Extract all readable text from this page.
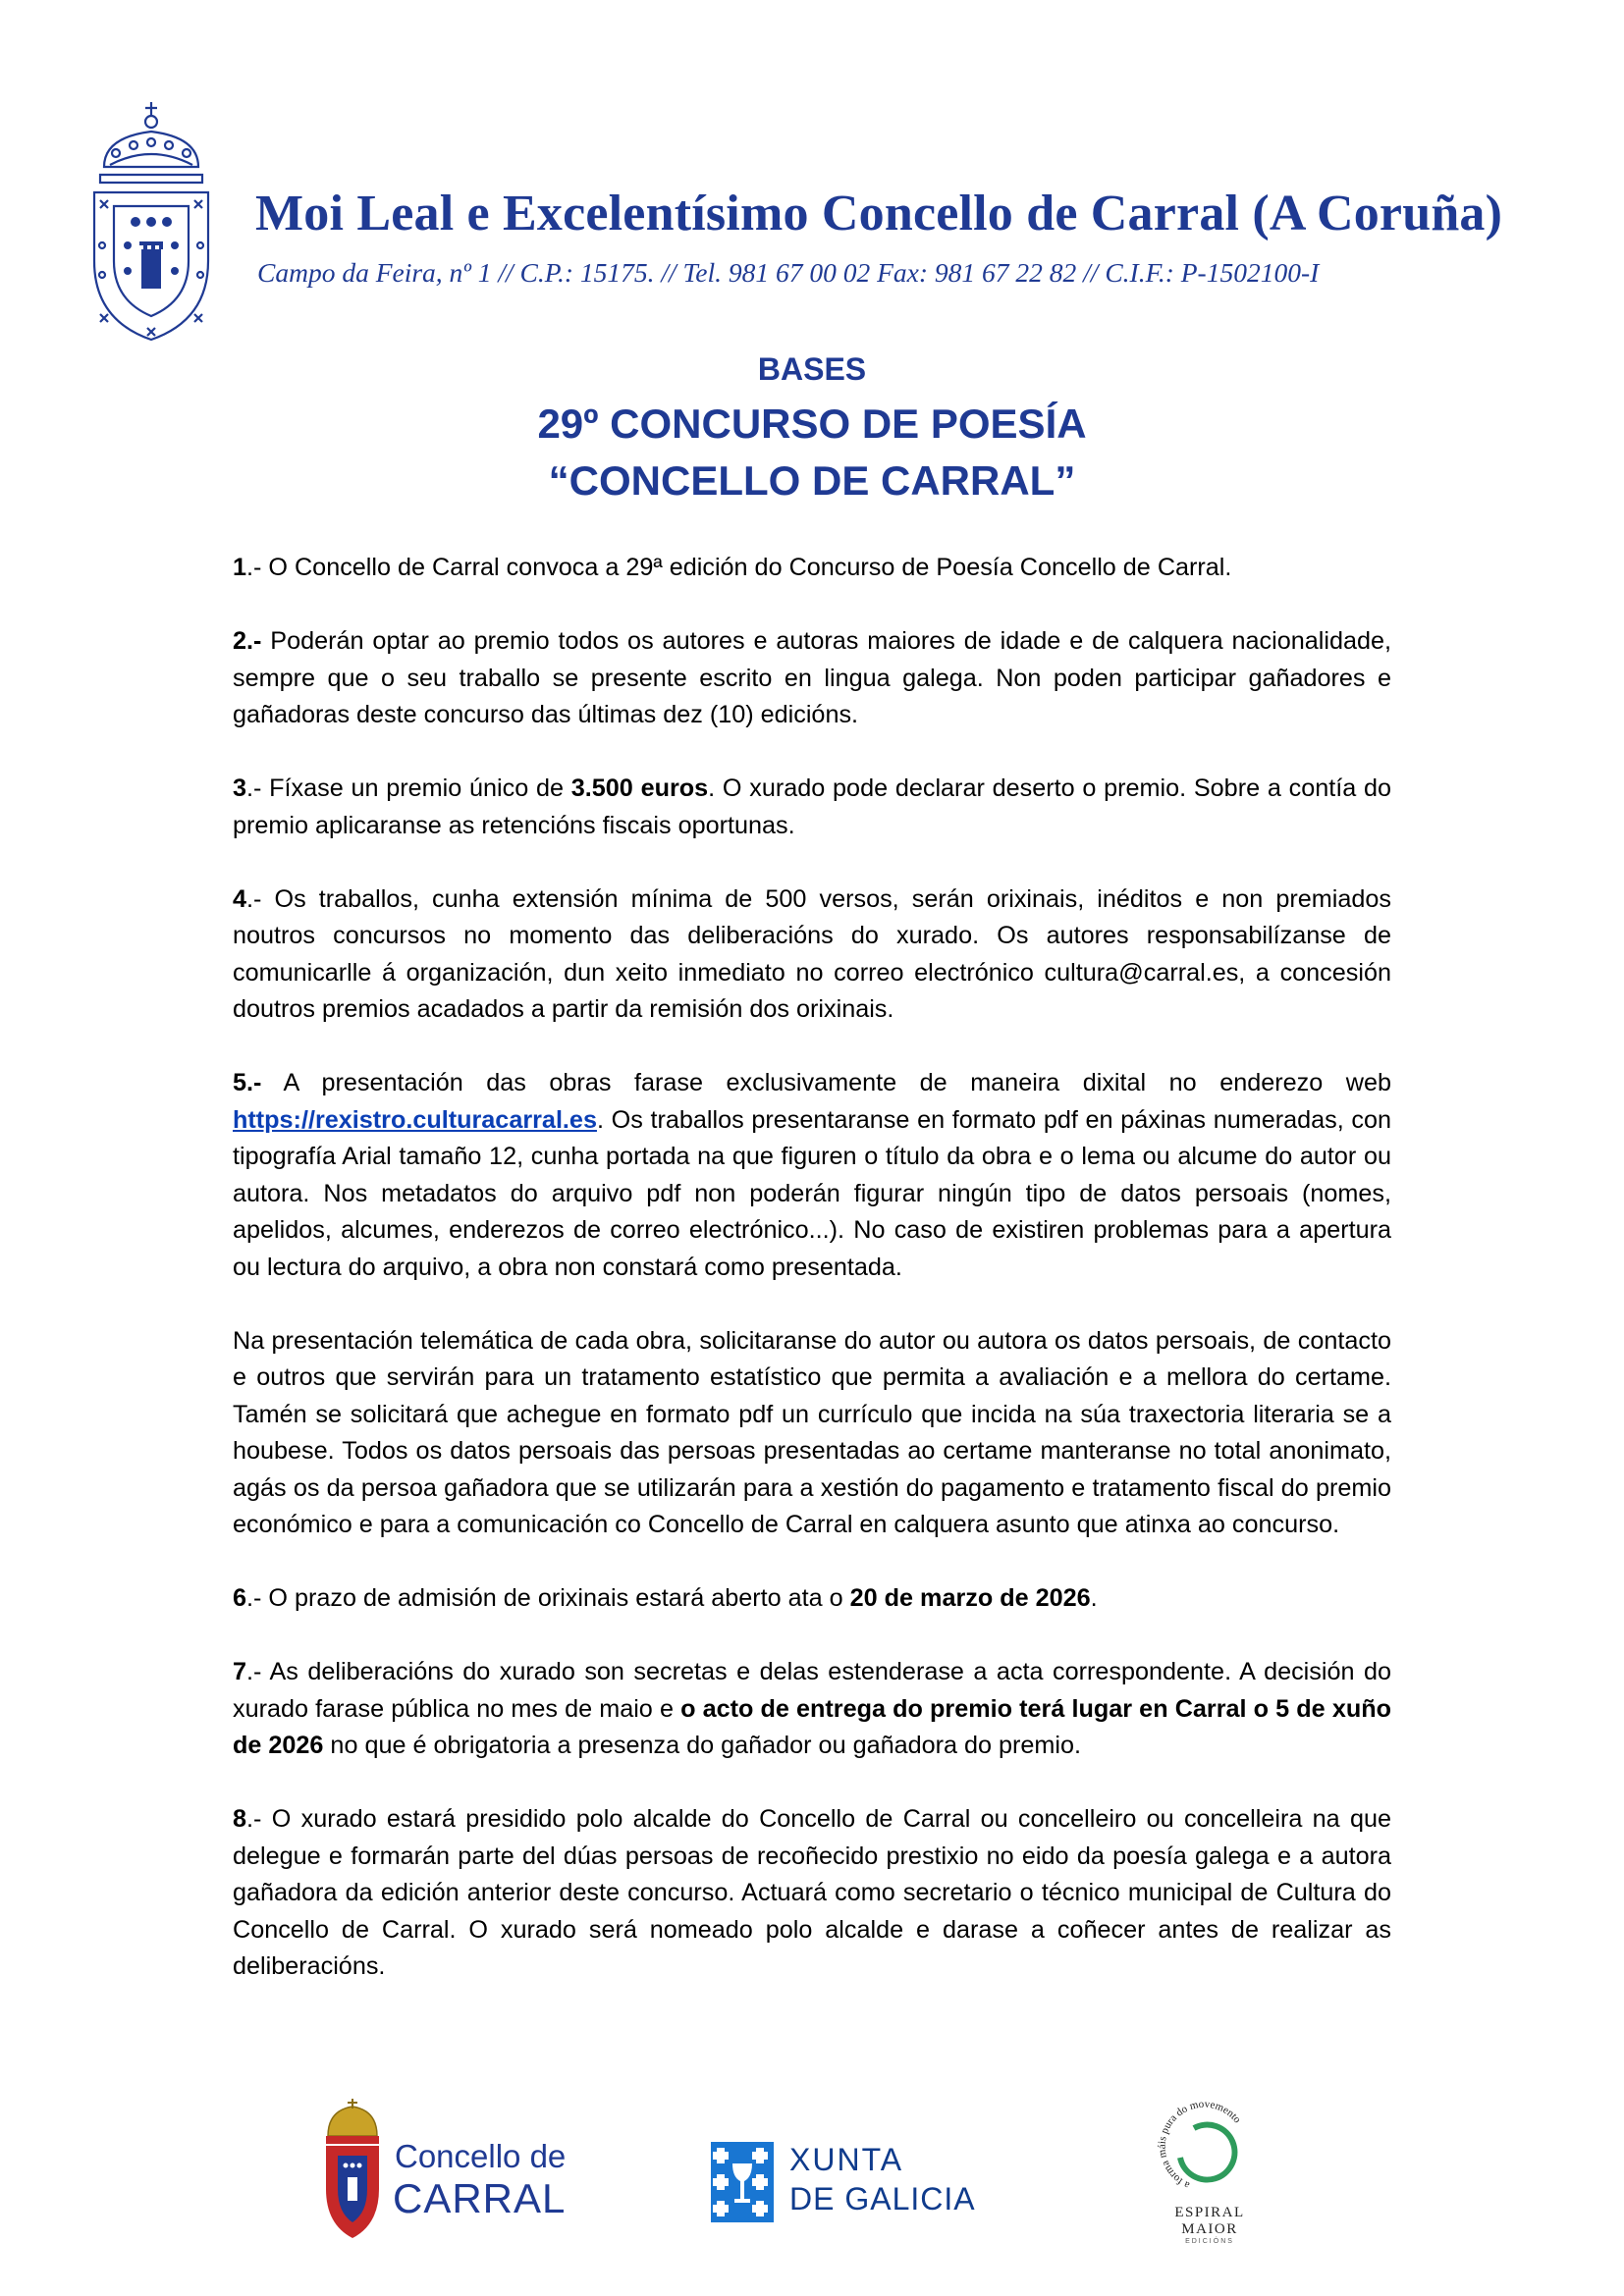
Moi Leal e Excelentísimo Concello de Carral (A Coruña)
Campo da Feira, nº 1 // C.P.: 15175. // Tel. 981 67 00 02 Fax: 981 67 22 82 // C.I.F.: P-1502100-I
BASES
29º CONCURSO DE POESÍA
“CONCELLO DE CARRAL”

1.- O Concello de Carral convoca a 29ª edición do Concurso de Poesía Concello de Carral.

2.- Poderán optar ao premio todos os autores e autoras maiores de idade e de calquera nacionalidade, sempre que o seu traballo se presente escrito en lingua galega. Non poden participar gañadores e gañadoras deste concurso das últimas dez (10) edicións.

3.- Fíxase un premio único de 3.500 euros. O xurado pode declarar deserto o premio. Sobre a contía do premio aplicaranse as retencións fiscais oportunas.

4.- Os traballos, cunha extensión mínima de 500 versos, serán orixinais, inéditos e non premiados noutros concursos no momento das deliberacións do xurado. Os autores responsabilízanse de comunicarlle á organización, dun xeito inmediato no correo electrónico cultura@carral.es, a concesión doutros premios acadados a partir da remisión dos orixinais.

5.- A presentación das obras farase exclusivamente de maneira dixital no enderezo web https://rexistro.culturacarral.es. Os traballos presentaranse en formato pdf en páxinas numeradas, con tipografía Arial tamaño 12, cunha portada na que figuren o título da obra e o lema ou alcume do autor ou autora. Nos metadatos do arquivo pdf non poderán figurar ningún tipo de datos persoais (nomes, apelidos, alcumes, enderezos de correo electrónico...). No caso de existiren problemas para a apertura ou lectura do arquivo, a obra non constará como presentada.

Na presentación telemática de cada obra, solicitaranse do autor ou autora os datos persoais, de contacto e outros que servirán para un tratamento estatístico que permita a avaliación e a mellora do certame. Tamén se solicitará que achegue en formato pdf un currículo que incida na súa traxectoria literaria se a houbese. Todos os datos persoais das persoas presentadas ao certame manteranse no total anonimato, agás os da persoa gañadora que se utilizarán para a xestión do pagamento e tratamento fiscal do premio económico e para a comunicación co Concello de Carral en calquera asunto que atinxa ao concurso.

6.- O prazo de admisión de orixinais estará aberto ata o 20 de marzo de 2026.

7.- As deliberacións do xurado son secretas e delas estenderase a acta correspondente. A decisión do xurado farase pública no mes de maio e o acto de entrega do premio terá lugar en Carral o 5 de xuño de 2026 no que é obrigatoria a presenza do gañador ou gañadora do premio.

8.- O xurado estará presidido polo alcalde do Concello de Carral ou concelleiro ou concelleira na que delegue e formarán parte del dúas persoas de recoñecido prestixio no eido da poesía galega e a autora gañadora da edición anterior deste concurso. Actuará como secretario o técnico municipal de Cultura do Concello de Carral. O xurado será nomeado polo alcalde e darase a coñecer antes de realizar as deliberacións.

Concello de
CARRAL
XUNTA
DE GALICIA	a forma máis pura do movemento
ESPIRAL
MAIOR
EDICIÓNS
